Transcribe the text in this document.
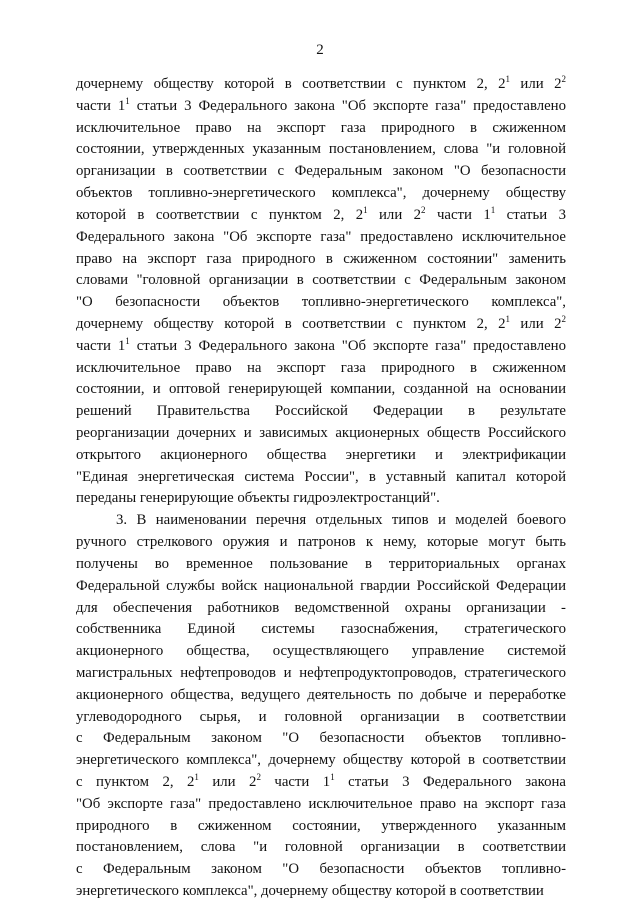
2
дочернему обществу которой в соответствии с пунктом 2, $2^1$ или $2^2$
части $1^1$ статьи 3 Федерального закона "Об экспорте газа" предоставлено
исключительное право на экспорт газа природного в сжиженном
состоянии, утвержденных указанным постановлением, слова "и головной
организации в соответствии с Федеральным законом "О безопасности
объектов топливно-энергетического комплекса", дочернему обществу
которой в соответствии с пунктом 2, $2^1$ или $2^2$ части $1^1$ статьи 3
Федерального закона "Об экспорте газа" предоставлено исключительное
право на экспорт газа природного в сжиженном состоянии" заменить
словами "головной организации в соответствии с Федеральным законом
"О безопасности объектов топливно-энергетического комплекса",
дочернему обществу которой в соответствии с пунктом 2, $2^1$ или $2^2$
части $1^1$ статьи 3 Федерального закона "Об экспорте газа" предоставлено
исключительное право на экспорт газа природного в сжиженном
состоянии, и оптовой генерирующей компании, созданной на основании
решений Правительства Российской Федерации в результате
реорганизации дочерних и зависимых акционерных обществ Российского
открытого акционерного общества энергетики и электрификации
"Единая энергетическая система России", в уставный капитал которой
переданы генерирующие объекты гидроэлектростанций".
3. В наименовании перечня отдельных типов и моделей боевого
ручного стрелкового оружия и патронов к нему, которые могут быть
получены во временное пользование в территориальных органах
Федеральной службы войск национальной гвардии Российской Федерации
для обеспечения работников ведомственной охраны организации -
собственника Единой системы газоснабжения, стратегического
акционерного общества, осуществляющего управление системой
магистральных нефтепроводов и нефтепродуктопроводов, стратегического
акционерного общества, ведущего деятельность по добыче и переработке
углеводородного сырья, и головной организации в соответствии
с Федеральным законом "О безопасности объектов топливно-
энергетического комплекса", дочернему обществу которой в соответствии
с пунктом 2, $2^1$ или $2^2$ части $1^1$ статьи 3 Федерального закона
"Об экспорте газа" предоставлено исключительное право на экспорт газа
природного в сжиженном состоянии, утвержденного указанным
постановлением, слова "и головной организации в соответствии
с Федеральным законом "О безопасности объектов топливно-
энергетического комплекса", дочернему обществу которой в соответствии
